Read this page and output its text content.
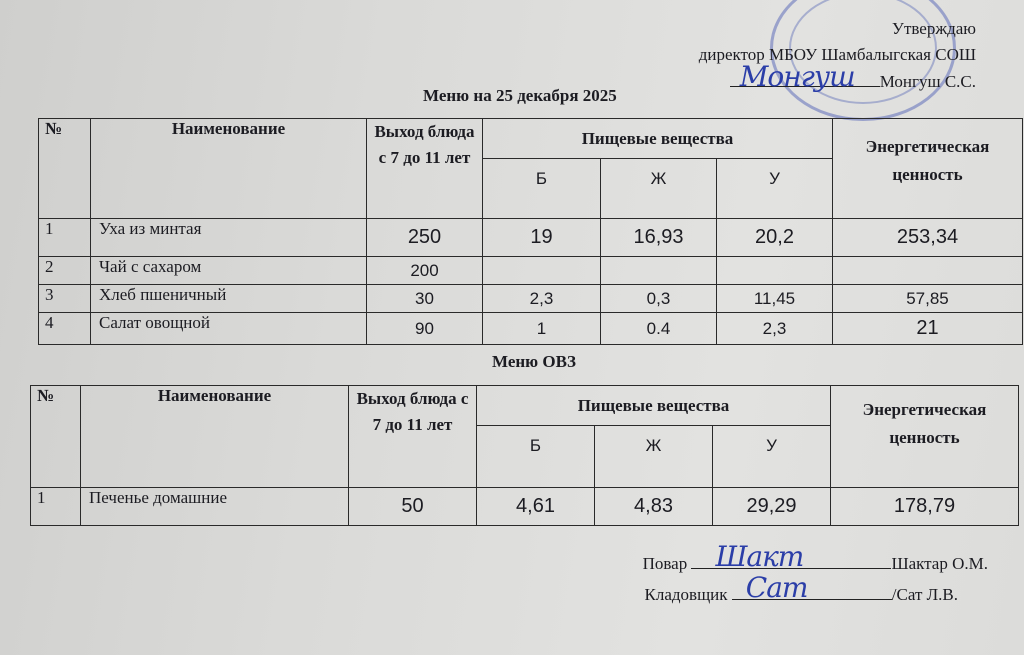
Утверждаю
директор МБОУ Шамбалыгская СОШ
Монгуш Монгуш С.С.
Меню на 25 декабря 2025
№	Наименование	Выход блюда с 7 до 11 лет	Пищевые вещества			Энергетическая ценность
			Б	Ж	У	
1	Уха из минтая	250	19	16,93	20,2	253,34
2	Чай с сахаром	200				
3	Хлеб пшеничный	30	2,3	0,3	11,45	57,85
4	Салат овощной	90	1	0.4	2,3	21
Меню ОВЗ
№	Наименование	Выход блюда с 7 до 11 лет	Пищевые вещества			Энергетическая ценность
			Б	Ж	У	
1	Печенье домашние	50	4,61	4,83	29,29	178,79
Повар Шакт	Шактар О.М.
Кладовщик Сат	/Сат Л.В.
